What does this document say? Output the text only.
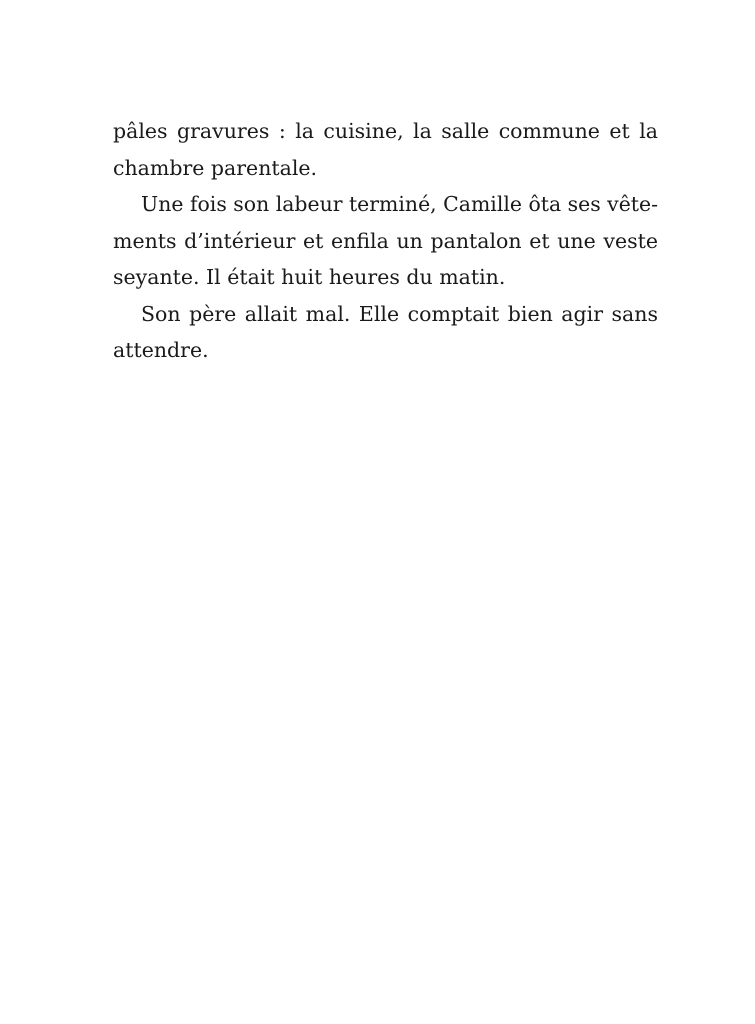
pâles gravures : la cuisine, la salle commune et la
chambre parentale.
Une fois son labeur terminé, Camille ôta ses vête-
ments d’intérieur et enfila un pantalon et une veste
seyante. Il était huit heures du matin.
Son père allait mal. Elle comptait bien agir sans
attendre.
